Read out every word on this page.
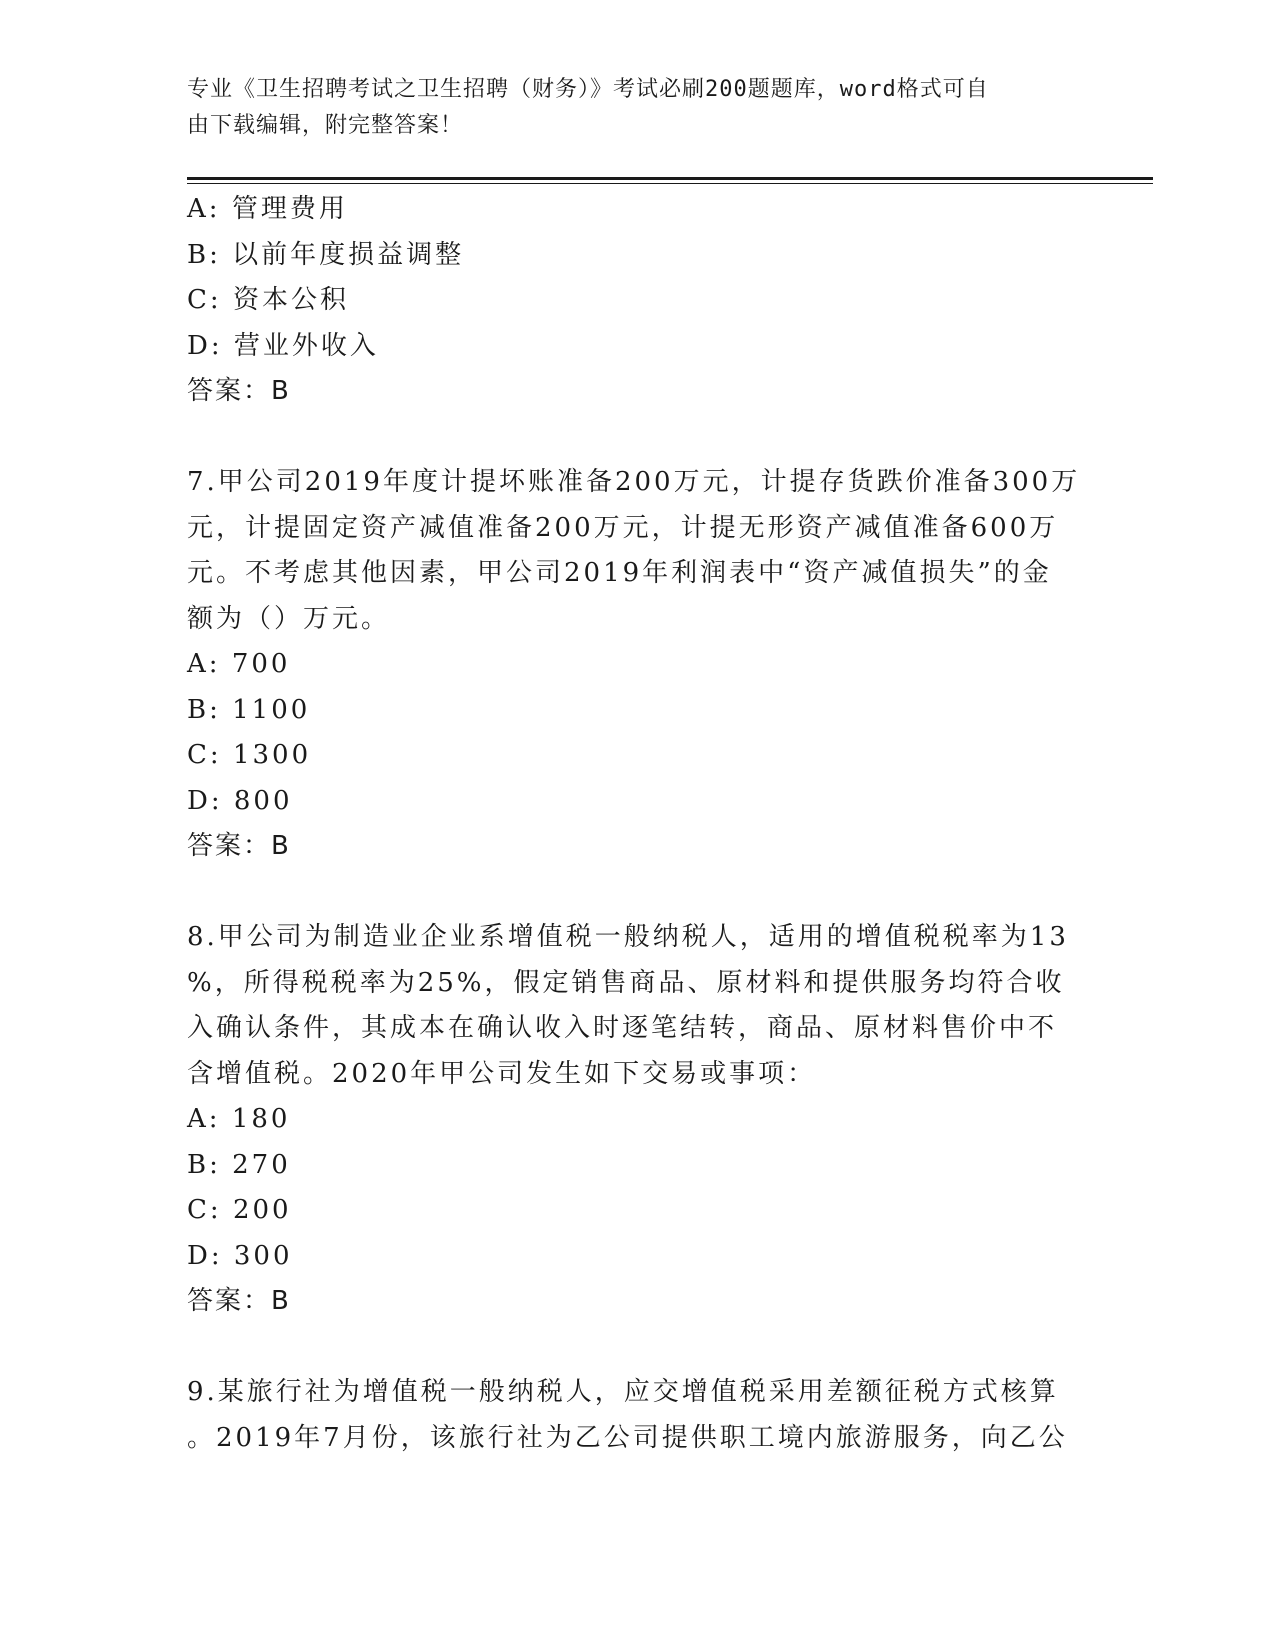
专业《卫生招聘考试之卫生招聘（财务）》考试必刷200题题库，word格式可自
由下载编辑，附完整答案！
A: 管理费用
B: 以前年度损益调整
C: 资本公积
D: 营业外收入
答案：B
7.甲公司2019年度计提坏账准备200万元，计提存货跌价准备300万
元，计提固定资产减值准备200万元，计提无形资产减值准备600万
元。不考虑其他因素，甲公司2019年利润表中“资产减值损失”的金
额为（）万元。
A: 700
B: 1100
C: 1300
D: 800
答案：B
8.甲公司为制造业企业系增值税一般纳税人，适用的增值税税率为13
%，所得税税率为25%，假定销售商品、原材料和提供服务均符合收
入确认条件，其成本在确认收入时逐笔结转，商品、原材料售价中不
含增值税。2020年甲公司发生如下交易或事项：
A: 180
B: 270
C: 200
D: 300
答案：B
9.某旅行社为增值税一般纳税人，应交增值税采用差额征税方式核算
。2019年7月份，该旅行社为乙公司提供职工境内旅游服务，向乙公
